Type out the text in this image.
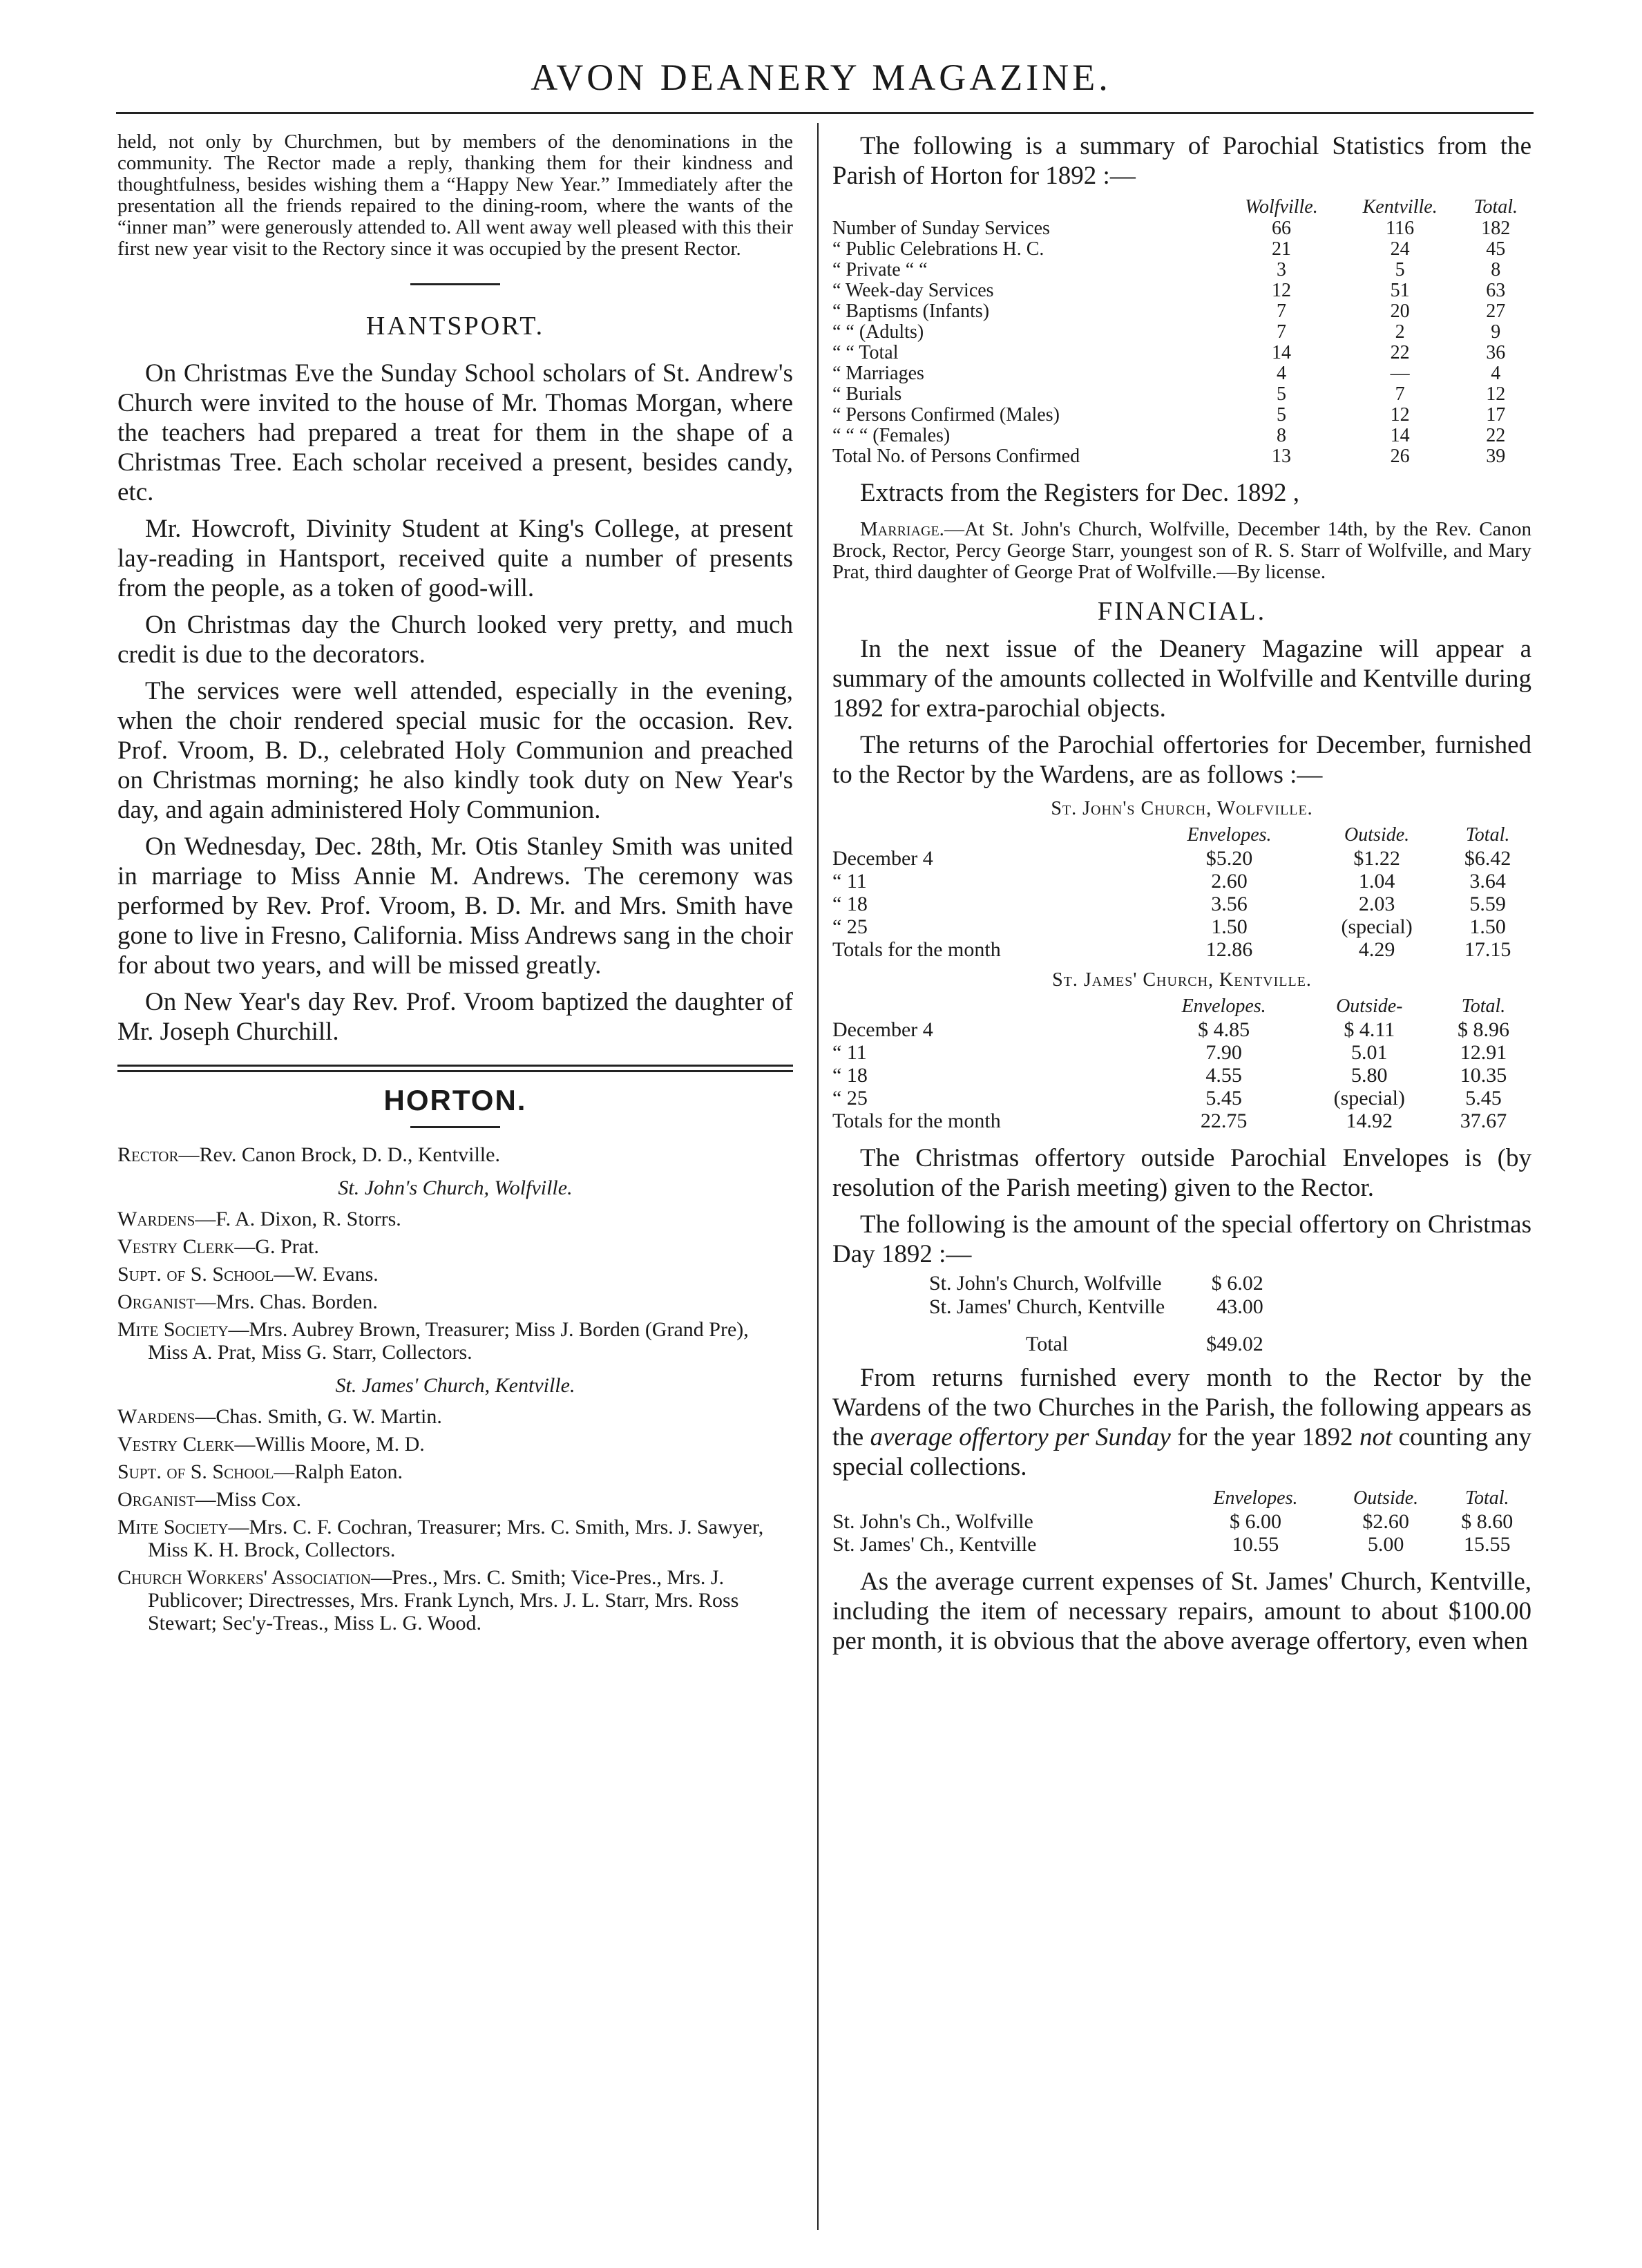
AVON DEANERY MAGAZINE.

held, not only by Churchmen, but by members of the denominations in the community. The Rector made a reply, thanking them for their kindness and thoughtfulness, besides wishing them a “Happy New Year.” Immediately after the presentation all the friends repaired to the dining-room, where the wants of the “inner man” were generously attended to. All went away well pleased with this their first new year visit to the Rectory since it was occupied by the present Rector.

HANTSPORT.

On Christmas Eve the Sunday School scholars of St. Andrew's Church were invited to the house of Mr. Thomas Morgan, where the teachers had prepared a treat for them in the shape of a Christmas Tree. Each scholar received a present, besides candy, etc.

Mr. Howcroft, Divinity Student at King's College, at present lay-reading in Hantsport, received quite a number of presents from the people, as a token of good-will.

On Christmas day the Church looked very pretty, and much credit is due to the decorators.

The services were well attended, especially in the evening, when the choir rendered special music for the occasion. Rev. Prof. Vroom, B. D., celebrated Holy Communion and preached on Christmas morning; he also kindly took duty on New Year's day, and again administered Holy Communion.

On Wednesday, Dec. 28th, Mr. Otis Stanley Smith was united in marriage to Miss Annie M. Andrews. The ceremony was performed by Rev. Prof. Vroom, B. D. Mr. and Mrs. Smith have gone to live in Fresno, California. Miss Andrews sang in the choir for about two years, and will be missed greatly.

On New Year's day Rev. Prof. Vroom baptized the daughter of Mr. Joseph Churchill.

HORTON.

Rector—Rev. Canon Brock, D. D., Kentville.

St. John's Church, Wolfville.

Wardens—F. A. Dixon, R. Storrs.

Vestry Clerk—G. Prat.

Supt. of S. School—W. Evans.

Organist—Mrs. Chas. Borden.

Mite Society—Mrs. Aubrey Brown, Treasurer; Miss J. Borden (Grand Pre), Miss A. Prat, Miss G. Starr, Collectors.

St. James' Church, Kentville.

Wardens—Chas. Smith, G. W. Martin.

Vestry Clerk—Willis Moore, M. D.

Supt. of S. School—Ralph Eaton.

Organist—Miss Cox.

Mite Society—Mrs. C. F. Cochran, Treasurer; Mrs. C. Smith, Mrs. J. Sawyer, Miss K. H. Brock, Collectors.

Church Workers' Association—Pres., Mrs. C. Smith; Vice-Pres., Mrs. J. Publicover; Directresses, Mrs. Frank Lynch, Mrs. J. L. Starr, Mrs. Ross Stewart; Sec'y-Treas., Miss L. G. Wood.

The following is a summary of Parochial Statistics from the Parish of Horton for 1892 :—

	Wolfville.	Kentville.	Total.
Number of Sunday Services	66	116	182
“ Public Celebrations H. C.	21	24	45
“ Private “ “	3	5	8
“ Week-day Services	12	51	63
“ Baptisms (Infants)	7	20	27
“ “ (Adults)	7	2	9
“ “ Total	14	22	36
“ Marriages	4	—	4
“ Burials	5	7	12
“ Persons Confirmed (Males)	5	12	17
“ “ “ (Females)	8	14	22
Total No. of Persons Confirmed	13	26	39

Extracts from the Registers for Dec. 1892 ,

Marriage.—At St. John's Church, Wolfville, December 14th, by the Rev. Canon Brock, Rector, Percy George Starr, youngest son of R. S. Starr of Wolfville, and Mary Prat, third daughter of George Prat of Wolfville.—By license.

FINANCIAL.

In the next issue of the Deanery Magazine will appear a summary of the amounts collected in Wolfville and Kentville during 1892 for extra-parochial objects.

The returns of the Parochial offertories for December, furnished to the Rector by the Wardens, are as follows :—

St. John's Church, Wolfville.
	Envelopes.	Outside.	Total.
December 4	$5.20	$1.22	$6.42
“ 11	2.60	1.04	3.64
“ 18	3.56	2.03	5.59
“ 25	1.50	(special)	1.50
Totals for the month	12.86	4.29	17.15
St. James' Church, Kentville.
	Envelopes.	Outside-	Total.
December 4	$ 4.85	$ 4.11	$ 8.96
“ 11	7.90	5.01	12.91
“ 18	4.55	5.80	10.35
“ 25	5.45	(special)	5.45
Totals for the month	22.75	14.92	37.67

The Christmas offertory outside Parochial Envelopes is (by resolution of the Parish meeting) given to the Rector.

The following is the amount of the special offertory on Christmas Day 1892 :—

St. John's Church, Wolfville	$ 6.02
St. James' Church, Kentville	43.00
Total	$49.02

From returns furnished every month to the Rector by the Wardens of the two Churches in the Parish, the following appears as the average offertory per Sunday for the year 1892 not counting any special collections.

	Envelopes.	Outside.	Total.
St. John's Ch., Wolfville	$ 6.00	$2.60	$ 8.60
St. James' Ch., Kentville	10.55	5.00	15.55

As the average current expenses of St. James' Church, Kentville, including the item of necessary repairs, amount to about $100.00 per month, it is obvious that the above average offertory, even when
